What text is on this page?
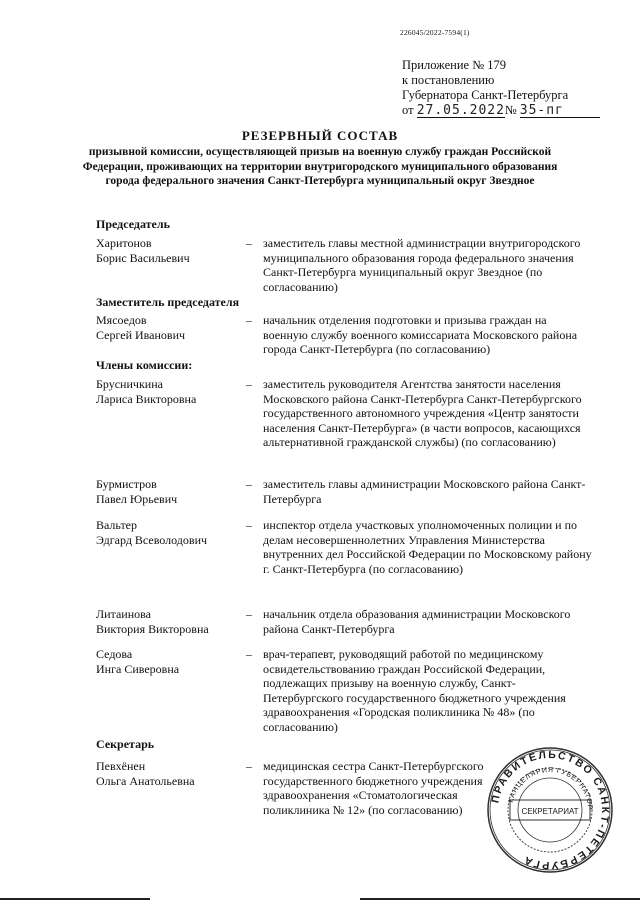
226045/2022-7594(1)
Приложение № 179
к постановлению
Губернатора Санкт-Петербурга
от 27.05.2022№ 35-пг
РЕЗЕРВНЫЙ СОСТАВ
призывной комиссии, осуществляющей призыв на военную службу граждан Российской Федерации, проживающих на территории внутригородского муниципального образования города федерального значения Санкт-Петербурга муниципальный округ Звездное
Председатель
Харитонов
Борис Васильевич
– заместитель главы местной администрации внутригородского муниципального образования города федерального значения Санкт-Петербурга муниципальный округ Звездное (по согласованию)
Заместитель председателя
Мясоедов
Сергей Иванович
– начальник отделения подготовки и призыва граждан на военную службу военного комиссариата Московского района города Санкт-Петербурга (по согласованию)
Члены комиссии:
Брусничкина
Лариса Викторовна
– заместитель руководителя Агентства занятости населения Московского района Санкт-Петербурга Санкт-Петербургского государственного автономного учреждения «Центр занятости населения Санкт-Петербурга» (в части вопросов, касающихся альтернативной гражданской службы) (по согласованию)
Бурмистров
Павел Юрьевич
– заместитель главы администрации Московского района Санкт-Петербурга
Вальтер
Эдгард Всеволодович
– инспектор отдела участковых уполномоченных полиции и по делам несовершеннолетних Управления Министерства внутренних дел Российской Федерации по Московскому району г. Санкт-Петербурга (по согласованию)
Литаинова
Виктория Викторовна
– начальник отдела образования администрации Московского района Санкт-Петербурга
Седова
Инга Сиверовна
– врач-терапевт, руководящий работой по медицинскому освидетельствованию граждан Российской Федерации, подлежащих призыву на военную службу, Санкт-Петербургского государственного бюджетного учреждения здравоохранения «Городская поликлиника № 48» (по согласованию)
Секретарь
Певхёнен
Ольга Анатольевна
– медицинская сестра Санкт-Петербургского государственного бюджетного учреждения здравоохранения «Стоматологическая поликлиника № 12» (по согласованию)
ПРАВИТЕЛЬСТВО САНКТ-ПЕТЕРБУРГА
КАНЦЕЛЯРИЯ ГУБЕРНАТОР
СЕКРЕТАРИАТ
